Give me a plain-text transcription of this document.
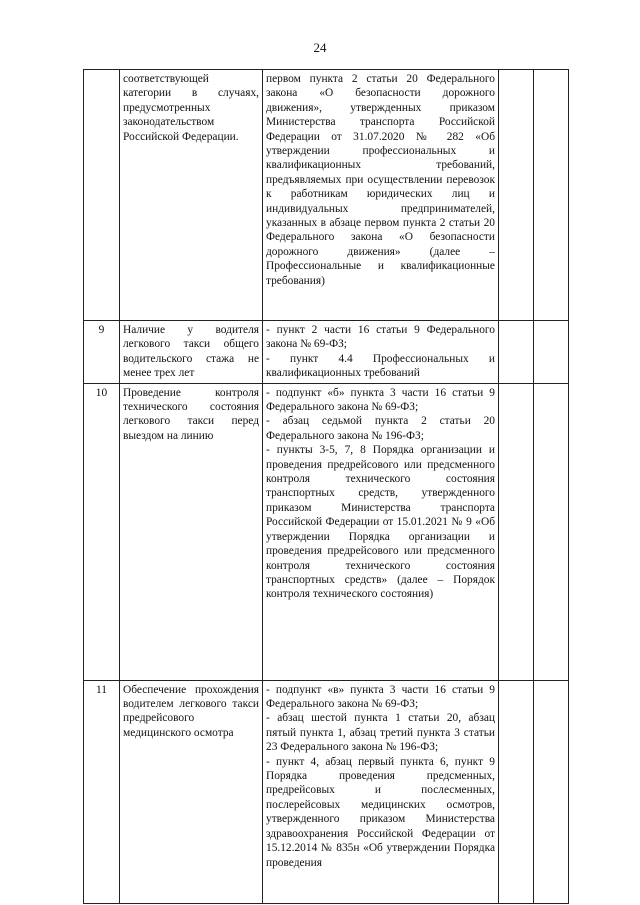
24
	соответствующей категории в случаях, предусмотренных законодательством Российской Федерации.	первом пункта 2 статьи 20 Федерального закона «О безопасности дорожного движения», утвержденных приказом Министерства транспорта Российской Федерации от 31.07.2020 № 282 «Об утверждении профессиональных и квалификационных требований, предъявляемых при осуществлении перевозок к работникам юридических лиц и индивидуальных предпринимателей, указанных в абзаце первом пункта 2 статьи 20 Федерального закона «О безопасности дорожного движения» (далее – Профессиональные и квалификационные требования)		

9	Наличие у водителя легкового такси общего водительского стажа не менее трех лет	- пункт 2 части 16 статьи 9 Федерального закона № 69-ФЗ;
- пункт 4.4 Профессиональных и квалификационных требований		

10	Проведение контроля технического состояния легкового такси перед выездом на линию	- подпункт «б» пункта 3 части 16 статьи 9 Федерального закона № 69-ФЗ;
- абзац седьмой пункта 2 статьи 20 Федерального закона № 196-ФЗ;
- пункты 3-5, 7, 8 Порядка организации и проведения предрейсового или предсменного контроля технического состояния транспортных средств, утвержденного приказом Министерства транспорта Российской Федерации от 15.01.2021 № 9 «Об утверждении Порядка организации и проведения предрейсового или предсменного контроля технического состояния транспортных средств» (далее – Порядок контроля технического состояния)		

11	Обеспечение прохождения водителем легкового такси предрейсового медицинского осмотра	- подпункт «в» пункта 3 части 16 статьи 9 Федерального закона № 69-ФЗ;
- абзац шестой пункта 1 статьи 20, абзац пятый пункта 1, абзац третий пункта 3 статьи 23 Федерального закона № 196-ФЗ;
- пункт 4, абзац первый пункта 6, пункт 9 Порядка проведения предсменных, предрейсовых и послесменных, послерейсовых медицинских осмотров, утвержденного приказом Министерства здравоохранения Российской Федерации от 15.12.2014 № 835н «Об утверждении Порядка проведения		
